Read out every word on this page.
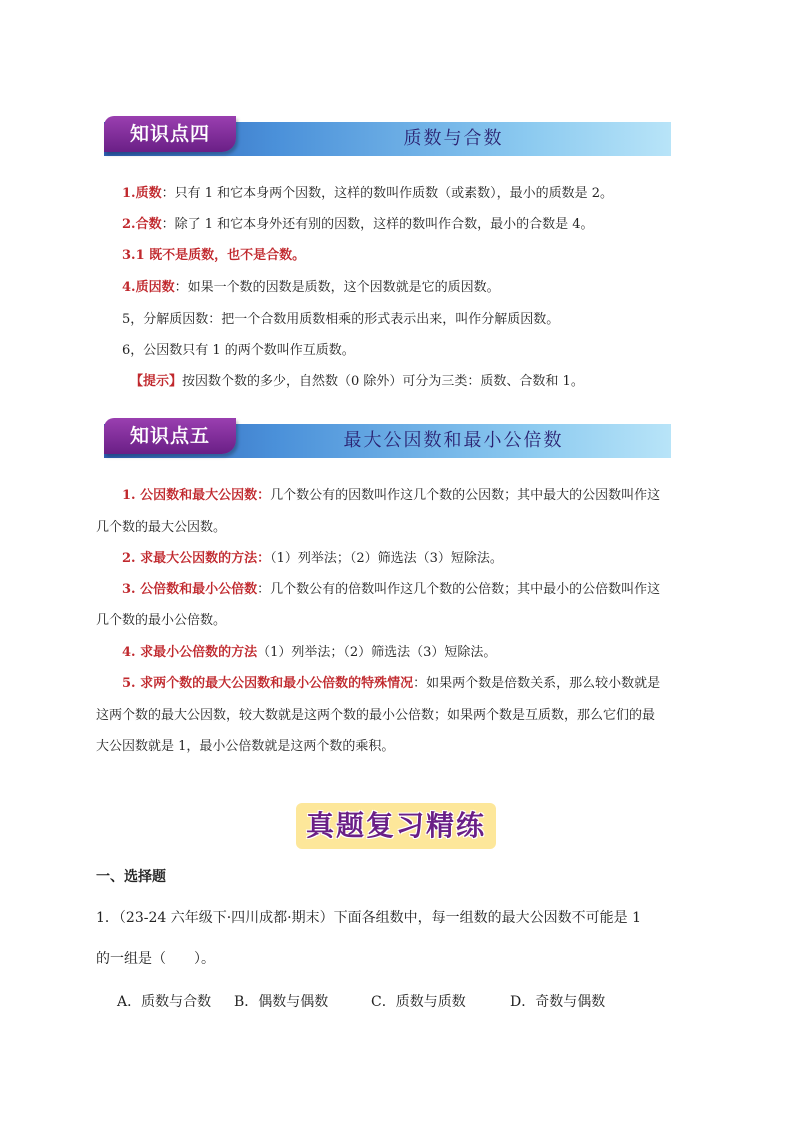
知识点四	质数与合数
1.质数：只有 1 和它本身两个因数，这样的数叫作质数（或素数），最小的质数是 2。
2.合数：除了 1 和它本身外还有别的因数，这样的数叫作合数，最小的合数是 4。
3.1 既不是质数，也不是合数。
4.质因数：如果一个数的因数是质数，这个因数就是它的质因数。
5，分解质因数：把一个合数用质数相乘的形式表示出来，叫作分解质因数。
6，公因数只有 1 的两个数叫作互质数。
【提示】按因数个数的多少，自然数（0 除外）可分为三类：质数、合数和 1。
知识点五	最大公因数和最小公倍数
1. 公因数和最大公因数：几个数公有的因数叫作这几个数的公因数；其中最大的公因数叫作这
几个数的最大公因数。
2. 求最大公因数的方法：（1）列举法；（2）筛选法（3）短除法。
3. 公倍数和最小公倍数：几个数公有的倍数叫作这几个数的公倍数；其中最小的公倍数叫作这
几个数的最小公倍数。
4. 求最小公倍数的方法（1）列举法；（2）筛选法（3）短除法。
5. 求两个数的最大公因数和最小公倍数的特殊情况：如果两个数是倍数关系，那么较小数就是
这两个数的最大公因数，较大数就是这两个数的最小公倍数；如果两个数是互质数，那么它们的最
大公因数就是 1，最小公倍数就是这两个数的乘积。
真题复习精练
一、选择题
1．（23-24 六年级下·四川成都·期末）下面各组数中，每一组数的最大公因数不可能是 1
的一组是（　　）。
A．质数与合数 B．偶数与偶数	C．质数与质数	D．奇数与偶数
